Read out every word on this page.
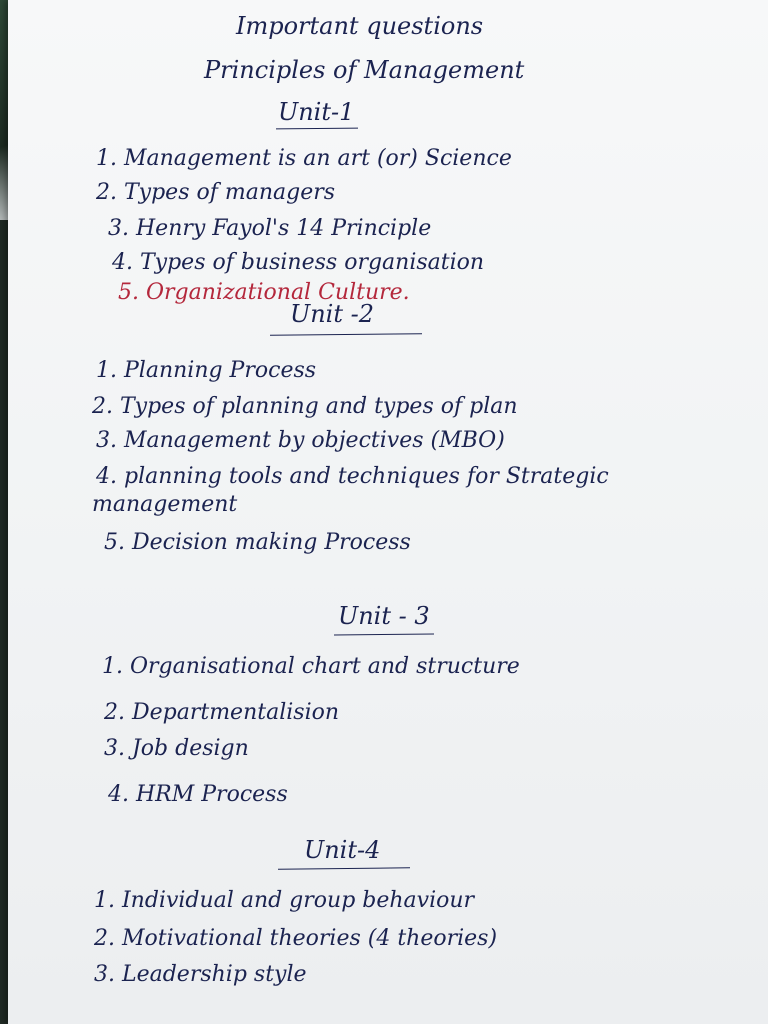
Important questions
Principles of Management
Unit-1
1. Management is an art (or) Science
2. Types of managers
3. Henry Fayol's 14 Principle
4. Types of business organisation
5. Organizational Culture.
Unit -2
1. Planning Process
2. Types of planning and types of plan
3. Management by objectives (MBO)
4. planning tools and techniques for Strategic
management
5. Decision making Process
Unit - 3
1. Organisational chart and structure
2. Departmentalision
3. Job design
4. HRM Process
Unit-4
1. Individual and group behaviour
2. Motivational theories (4 theories)
3. Leadership style
